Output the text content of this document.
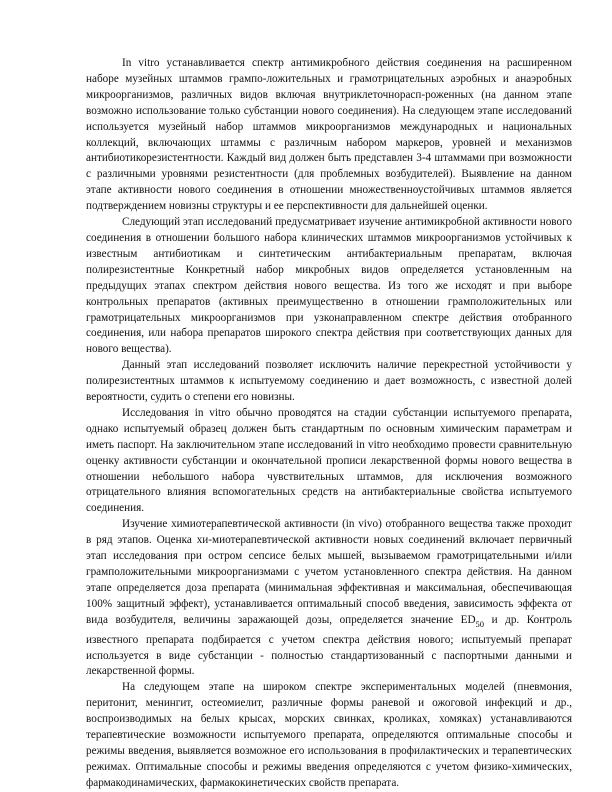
In vitro устанавливается спектр антимикробного действия соединения на расширенном наборе музейных штаммов грампо-ложительных и грамотрицательных аэробных и анаэробных микроорганизмов, различных видов включая внутриклеточнорасп-роженных (на данном этапе возможно использование только субстанции нового соединения). На следующем этапе исследований используется музейный набор штаммов микроорганизмов международных и национальных коллекций, включающих штаммы с различным набором маркеров, уровней и механизмов антибиотикорезистентности. Каждый вид должен быть представлен 3-4 штаммами при возможности с различными уровнями резистентности (для проблемных возбудителей). Выявление на данном этапе активности нового соединения в отношении множественноустойчивых штаммов является подтверждением новизны структуры и ее перспективности для дальнейшей оценки.

Следующий этап исследований предусматривает изучение антимикробной активности нового соединения в отношении большого набора клинических штаммов микроорганизмов устойчивых к известным антибиотикам и синтетическим антибактериальным препаратам, включая полирезистентные Конкретный набор микробных видов определяется установленным на предыдущих этапах спектром действия нового вещества. Из того же исходят и при выборе контрольных препаратов (активных преимущественно в отношении грамположительных или грамотрицательных микроорганизмов при узконаправленном спектре действия отобранного соединения, или набора препаратов широкого спектра действия при соответствующих данных для нового вещества).

Данный этап исследований позволяет исключить наличие перекрестной устойчивости у полирезистентных штаммов к испытуемому соединению и дает возможность, с известной долей вероятности, судить о степени его новизны.

Исследования in vitro обычно проводятся на стадии субстанции испытуемого препарата, однако испытуемый образец должен быть стандартным по основным химическим параметрам и иметь паспорт. На заключительном этапе исследований in vitro необходимо провести сравнительную оценку активности субстанции и окончательной прописи лекарственной формы нового вещества в отношении небольшого набора чувствительных штаммов, для исключения возможного отрицательного влияния вспомогательных средств на антибактериальные свойства испытуемого соединения.

Изучение химиотерапевтической активности (in vivo) отобранного вещества также проходит в ряд этапов. Оценка хи-миотерапевтической активности новых соединений включает первичный этап исследования при остром сепсисе белых мышей, вызываемом грамотрицательными и/или грамположительными микроорганизмами с учетом установленного спектра действия. На данном этапе определяется доза препарата (минимальная эффективная и максимальная, обеспечивающая 100% защитный эффект), устанавливается оптимальный способ введения, зависимость эффекта от вида возбудителя, величины заражающей дозы, определяется значение $ED_{50}$ и др. Контроль известного препарата подбирается с учетом спектра действия нового; испытуемый препарат используется в виде субстанции - полностью стандартизованный с паспортными данными и лекарственной формы.

На следующем этапе на широком спектре экспериментальных моделей (пневмония, перитонит, менингит, остеомиелит, различные формы раневой и ожоговой инфекций и др., воспроизводимых на белых крысах, морских свинках, кроликах, хомяках) устанавливаются терапевтические возможности испытуемого препарата, определяются оптимальные способы и режимы введения, выявляется возможное его использования в профилактических и терапевтических режимах. Оптимальные способы и режимы введения определяются с учетом физико-химических, фармакодинамических, фармакокинетических свойств препарата.
